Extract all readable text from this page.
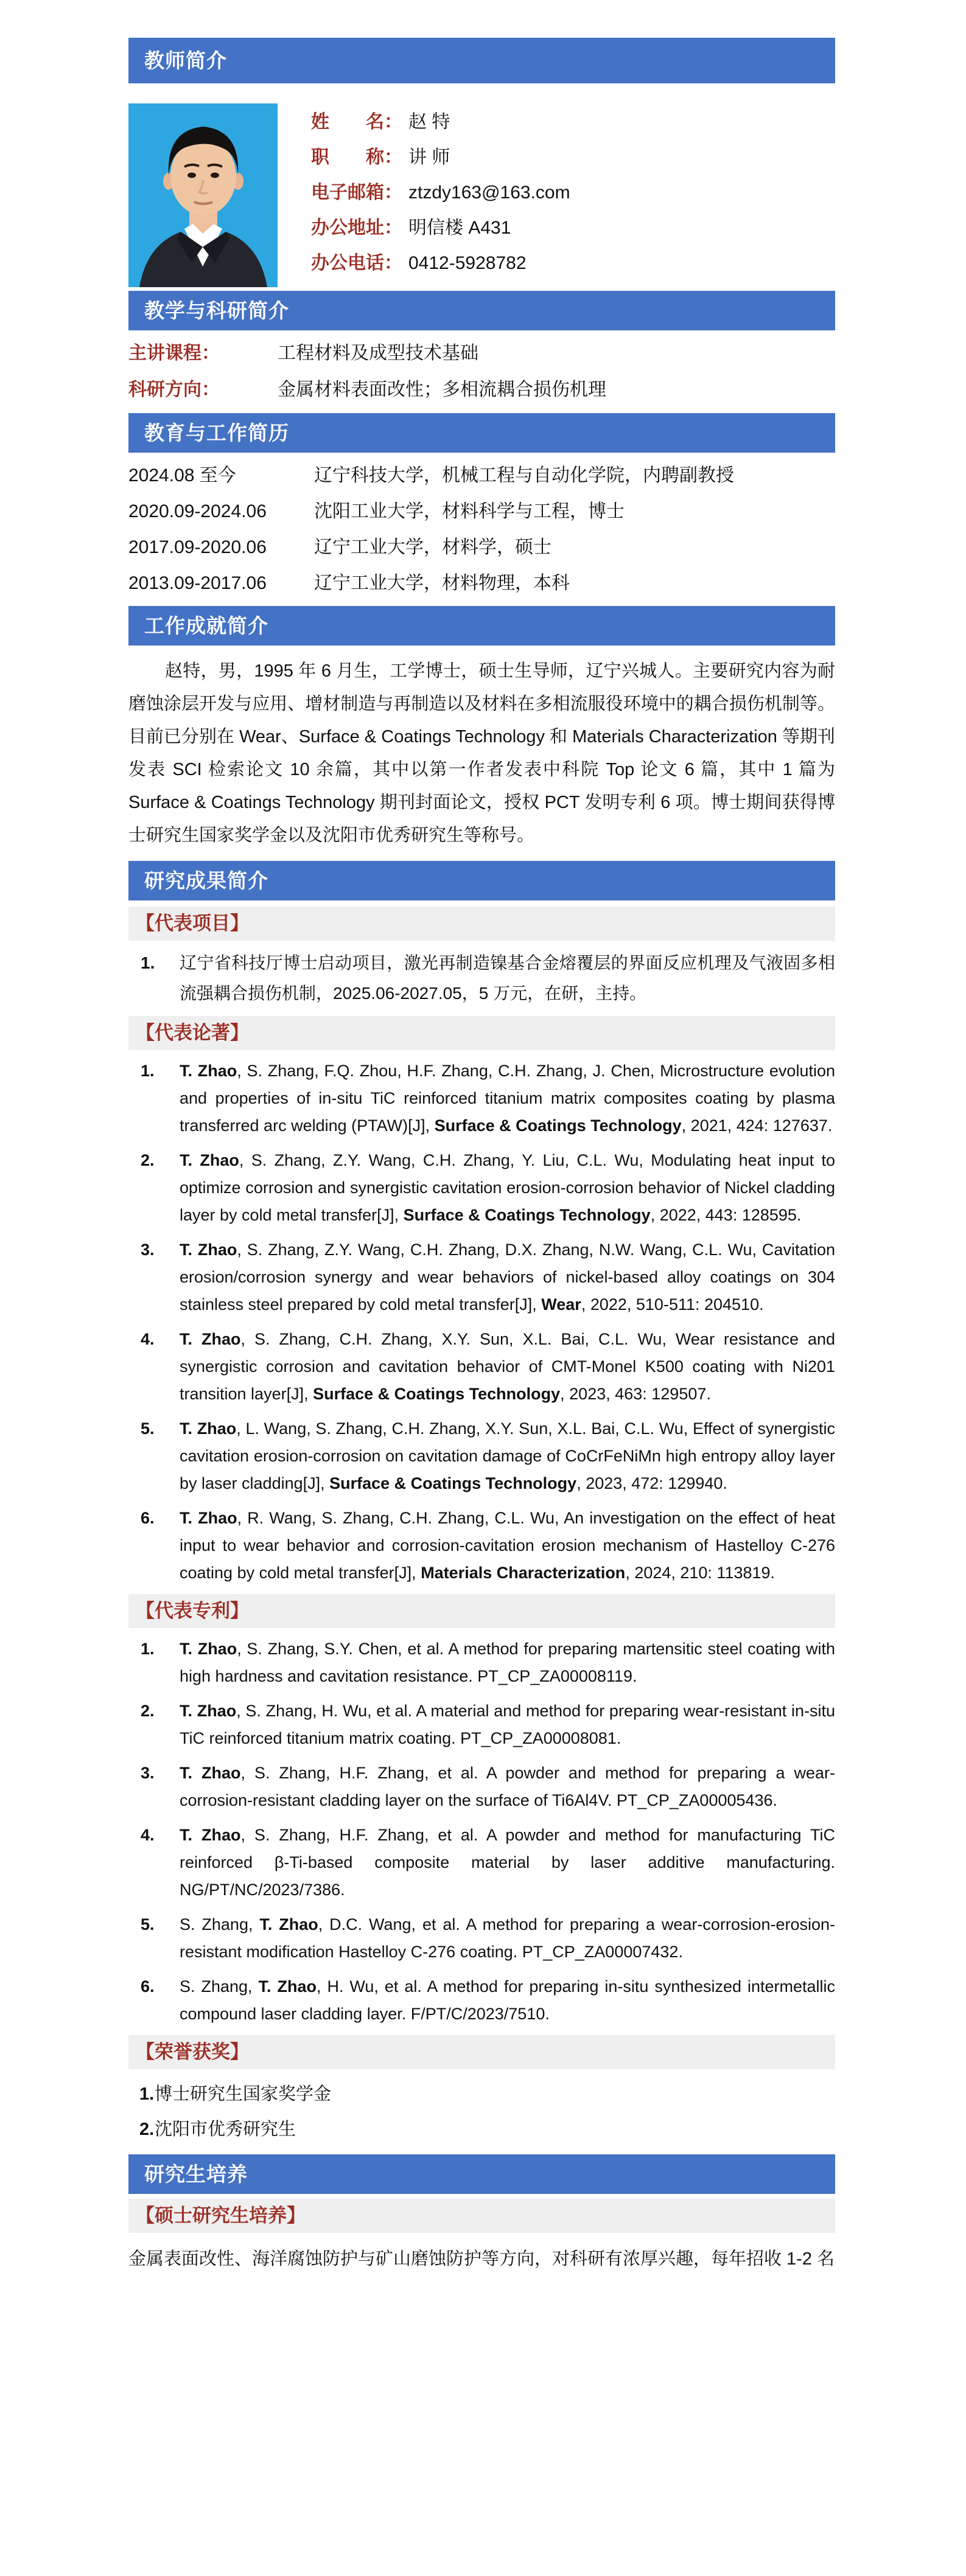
教师简介
姓　　名： 赵 特
职　　称： 讲 师
电子邮箱： ztzdy163@163.com
办公地址： 明信楼 A431
办公电话： 0412-5928782
教学与科研简介
主讲课程：	工程材料及成型技术基础
科研方向：	金属材料表面改性；多相流耦合损伤机理
教育与工作简历
2024.08 至今	辽宁科技大学，机械工程与自动化学院，内聘副教授
2020.09-2024.06	沈阳工业大学，材料科学与工程，博士
2017.09-2020.06	辽宁工业大学，材料学，硕士
2013.09-2017.06	辽宁工业大学，材料物理，本科
工作成就简介
赵特，男，1995 年 6 月生，工学博士，硕士生导师，辽宁兴城人。主要研究内容为耐磨蚀涂层开发与应用、增材制造与再制造以及材料在多相流服役环境中的耦合损伤机制等。目前已分别在 Wear、Surface & Coatings Technology 和 Materials Characterization 等期刊发表 SCI 检索论文 10 余篇，其中以第一作者发表中科院 Top 论文 6 篇，其中 1 篇为 Surface & Coatings Technology 期刊封面论文，授权 PCT 发明专利 6 项。博士期间获得博士研究生国家奖学金以及沈阳市优秀研究生等称号。
研究成果简介
【代表项目】
1.	辽宁省科技厅博士启动项目，激光再制造镍基合金熔覆层的界面反应机理及气液固多相流强耦合损伤机制，2025.06-2027.05，5 万元，在研，主持。
【代表论著】
1.	T. Zhao, S. Zhang, F.Q. Zhou, H.F. Zhang, C.H. Zhang, J. Chen, Microstructure evolution and properties of in-situ TiC reinforced titanium matrix composites coating by plasma transferred arc welding (PTAW)[J], Surface & Coatings Technology, 2021, 424: 127637.
2.	T. Zhao, S. Zhang, Z.Y. Wang, C.H. Zhang, Y. Liu, C.L. Wu, Modulating heat input to optimize corrosion and synergistic cavitation erosion-corrosion behavior of Nickel cladding layer by cold metal transfer[J], Surface & Coatings Technology, 2022, 443: 128595.
3.	T. Zhao, S. Zhang, Z.Y. Wang, C.H. Zhang, D.X. Zhang, N.W. Wang, C.L. Wu, Cavitation erosion/corrosion synergy and wear behaviors of nickel-based alloy coatings on 304 stainless steel prepared by cold metal transfer[J], Wear, 2022, 510-511: 204510.
4.	T. Zhao, S. Zhang, C.H. Zhang, X.Y. Sun, X.L. Bai, C.L. Wu, Wear resistance and synergistic corrosion and cavitation behavior of CMT-Monel K500 coating with Ni201 transition layer[J], Surface & Coatings Technology, 2023, 463: 129507.
5.	T. Zhao, L. Wang, S. Zhang, C.H. Zhang, X.Y. Sun, X.L. Bai, C.L. Wu, Effect of synergistic cavitation erosion-corrosion on cavitation damage of CoCrFeNiMn high entropy alloy layer by laser cladding[J], Surface & Coatings Technology, 2023, 472: 129940.
6.	T. Zhao, R. Wang, S. Zhang, C.H. Zhang, C.L. Wu, An investigation on the effect of heat input to wear behavior and corrosion-cavitation erosion mechanism of Hastelloy C-276 coating by cold metal transfer[J], Materials Characterization, 2024, 210: 113819.
【代表专利】
1.	T. Zhao, S. Zhang, S.Y. Chen, et al. A method for preparing martensitic steel coating with high hardness and cavitation resistance. PT_CP_ZA00008119.
2.	T. Zhao, S. Zhang, H. Wu, et al. A material and method for preparing wear-resistant in-situ TiC reinforced titanium matrix coating. PT_CP_ZA00008081.
3.	T. Zhao, S. Zhang, H.F. Zhang, et al. A powder and method for preparing a wear-corrosion-resistant cladding layer on the surface of Ti6Al4V. PT_CP_ZA00005436.
4.	T. Zhao, S. Zhang, H.F. Zhang, et al. A powder and method for manufacturing TiC reinforced β-Ti-based composite material by laser additive manufacturing. NG/PT/NC/2023/7386.
5.	S. Zhang, T. Zhao, D.C. Wang, et al. A method for preparing a wear-corrosion-erosion-resistant modification Hastelloy C-276 coating. PT_CP_ZA00007432.
6.	S. Zhang, T. Zhao, H. Wu, et al. A method for preparing in-situ synthesized intermetallic compound laser cladding layer. F/PT/C/2023/7510.
【荣誉获奖】
1. 博士研究生国家奖学金
2. 沈阳市优秀研究生
研究生培养
【硕士研究生培养】
金属表面改性、海洋腐蚀防护与矿山磨蚀防护等方向，对科研有浓厚兴趣，每年招收 1-2 名
